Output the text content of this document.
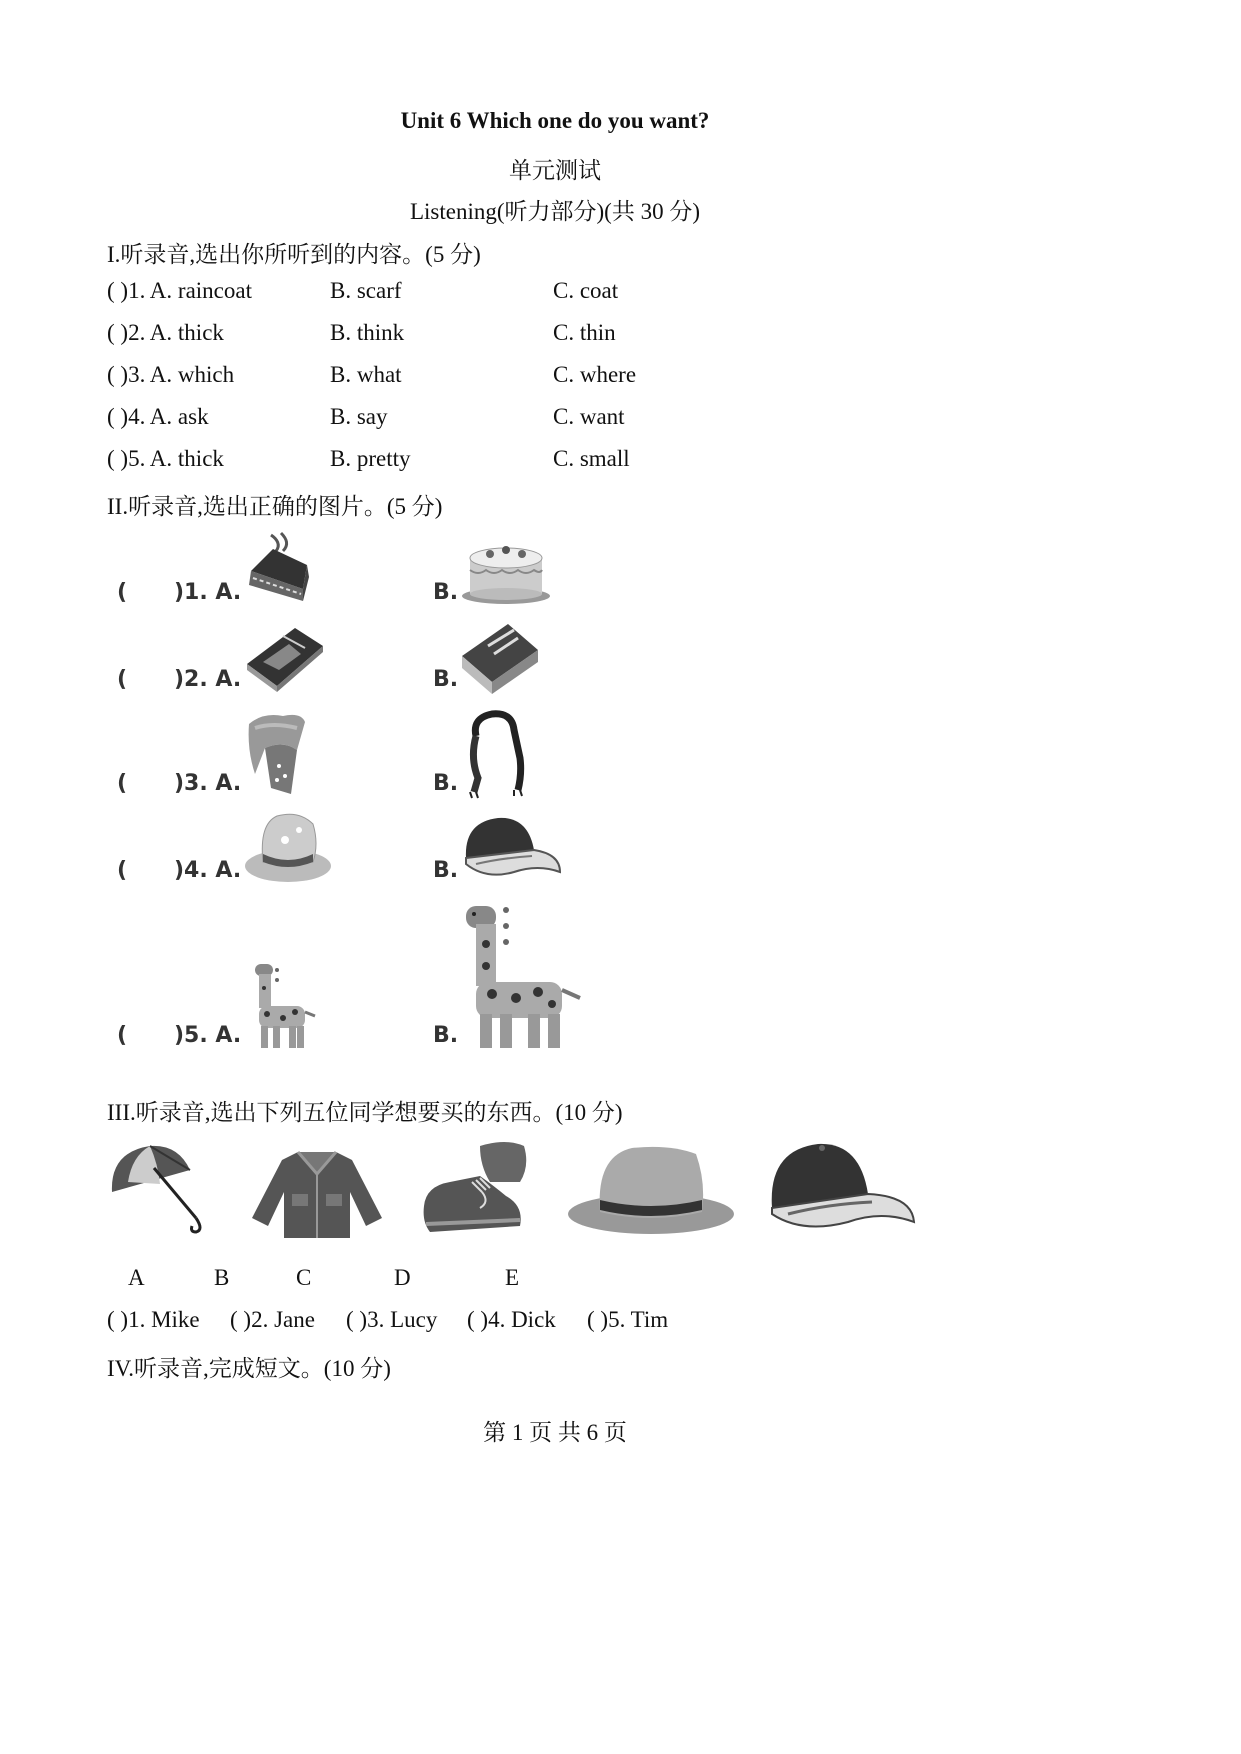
Unit 6 Which one do you want?
单元测试
Listening(听力部分)(共 30 分)
I.听录音,选出你所听到的内容。(5 分)
( )1. A. raincoat	B. scarf	C. coat
( )2. A. thick	B. think	C. thin
( )3. A. which	B. what	C. where
( )4. A. ask	B. say	C. want
( )5. A. thick	B. pretty	C. small
II.听录音,选出正确的图片。(5 分)
( )1. A.	B.
( )2. A.	B.
( )3. A.	B.
( )4. A.	B.
( )5. A.	B.
III.听录音,选出下列五位同学想要买的东西。(10 分)
A	B	C	D	E
( )1. Mike ( )2. Jane ( )3. Lucy ( )4. Dick ( )5. Tim
IV.听录音,完成短文。(10 分)
第 1 页 共 6 页
